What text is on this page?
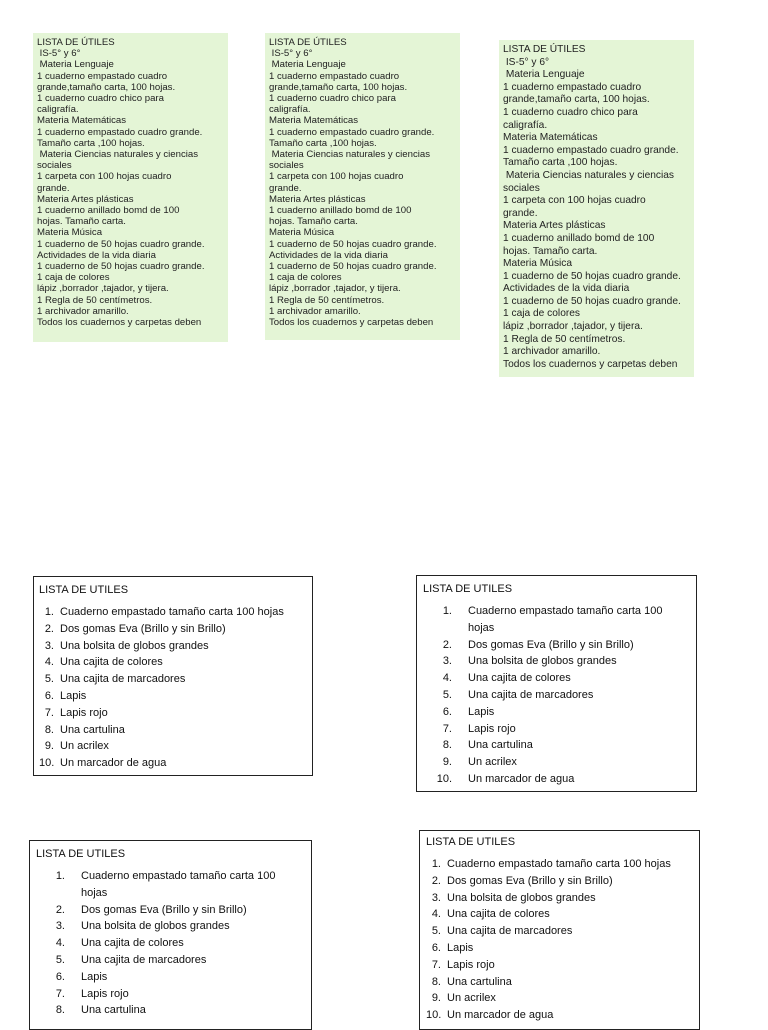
LISTA DE ÚTILES
IS-5° y 6°
Materia Lenguaje
1 cuaderno empastado cuadro
grande,tamaño carta, 100 hojas.
1 cuaderno cuadro chico para
caligrafía.
Materia Matemáticas
1 cuaderno empastado cuadro grande.
Tamaño carta ,100 hojas.
Materia Ciencias naturales y ciencias
sociales
1 carpeta con 100 hojas cuadro
grande.
Materia Artes plásticas
1 cuaderno anillado bomd de 100
hojas. Tamaño carta.
Materia Música
1 cuaderno de 50 hojas cuadro grande.
Actividades de la vida diaria
1 cuaderno de 50 hojas cuadro grande.
1 caja de colores
lápiz ,borrador ,tajador, y tijera.
1 Regla de 50 centímetros.
1 archivador amarillo.
Todos los cuadernos y carpetas deben
LISTA DE ÚTILES
IS-5° y 6°
Materia Lenguaje
1 cuaderno empastado cuadro
grande,tamaño carta, 100 hojas.
1 cuaderno cuadro chico para
caligrafía.
Materia Matemáticas
1 cuaderno empastado cuadro grande.
Tamaño carta ,100 hojas.
Materia Ciencias naturales y ciencias
sociales
1 carpeta con 100 hojas cuadro
grande.
Materia Artes plásticas
1 cuaderno anillado bomd de 100
hojas. Tamaño carta.
Materia Música
1 cuaderno de 50 hojas cuadro grande.
Actividades de la vida diaria
1 cuaderno de 50 hojas cuadro grande.
1 caja de colores
lápiz ,borrador ,tajador, y tijera.
1 Regla de 50 centímetros.
1 archivador amarillo.
Todos los cuadernos y carpetas deben
LISTA DE ÚTILES
IS-5° y 6°
Materia Lenguaje
1 cuaderno empastado cuadro
grande,tamaño carta, 100 hojas.
1 cuaderno cuadro chico para
caligrafía.
Materia Matemáticas
1 cuaderno empastado cuadro grande.
Tamaño carta ,100 hojas.
Materia Ciencias naturales y ciencias
sociales
1 carpeta con 100 hojas cuadro
grande.
Materia Artes plásticas
1 cuaderno anillado bomd de 100
hojas. Tamaño carta.
Materia Música
1 cuaderno de 50 hojas cuadro grande.
Actividades de la vida diaria
1 cuaderno de 50 hojas cuadro grande.
1 caja de colores
lápiz ,borrador ,tajador, y tijera.
1 Regla de 50 centímetros.
1 archivador amarillo.
Todos los cuadernos y carpetas deben
LISTA DE UTILES
1. Cuaderno empastado tamaño carta 100 hojas
2. Dos gomas Eva (Brillo y sin Brillo)
3. Una bolsita de globos grandes
4. Una cajita de colores
5. Una cajita de marcadores
6. Lapis
7. Lapis rojo
8. Una cartulina
9. Un acrilex
10. Un marcador de agua
LISTA DE UTILES
1. Cuaderno empastado tamaño carta 100 hojas
2. Dos gomas Eva (Brillo y sin Brillo)
3. Una bolsita de globos grandes
4. Una cajita de colores
5. Una cajita de marcadores
6. Lapis
7. Lapis rojo
8. Una cartulina
9. Un acrilex
10. Un marcador de agua
LISTA DE UTILES
1. Cuaderno empastado tamaño carta 100 hojas
2. Dos gomas Eva (Brillo y sin Brillo)
3. Una bolsita de globos grandes
4. Una cajita de colores
5. Una cajita de marcadores
6. Lapis
7. Lapis rojo
8. Una cartulina
LISTA DE UTILES
1. Cuaderno empastado tamaño carta 100 hojas
2. Dos gomas Eva (Brillo y sin Brillo)
3. Una bolsita de globos grandes
4. Una cajita de colores
5. Una cajita de marcadores
6. Lapis
7. Lapis rojo
8. Una cartulina
9. Un acrilex
10. Un marcador de agua
